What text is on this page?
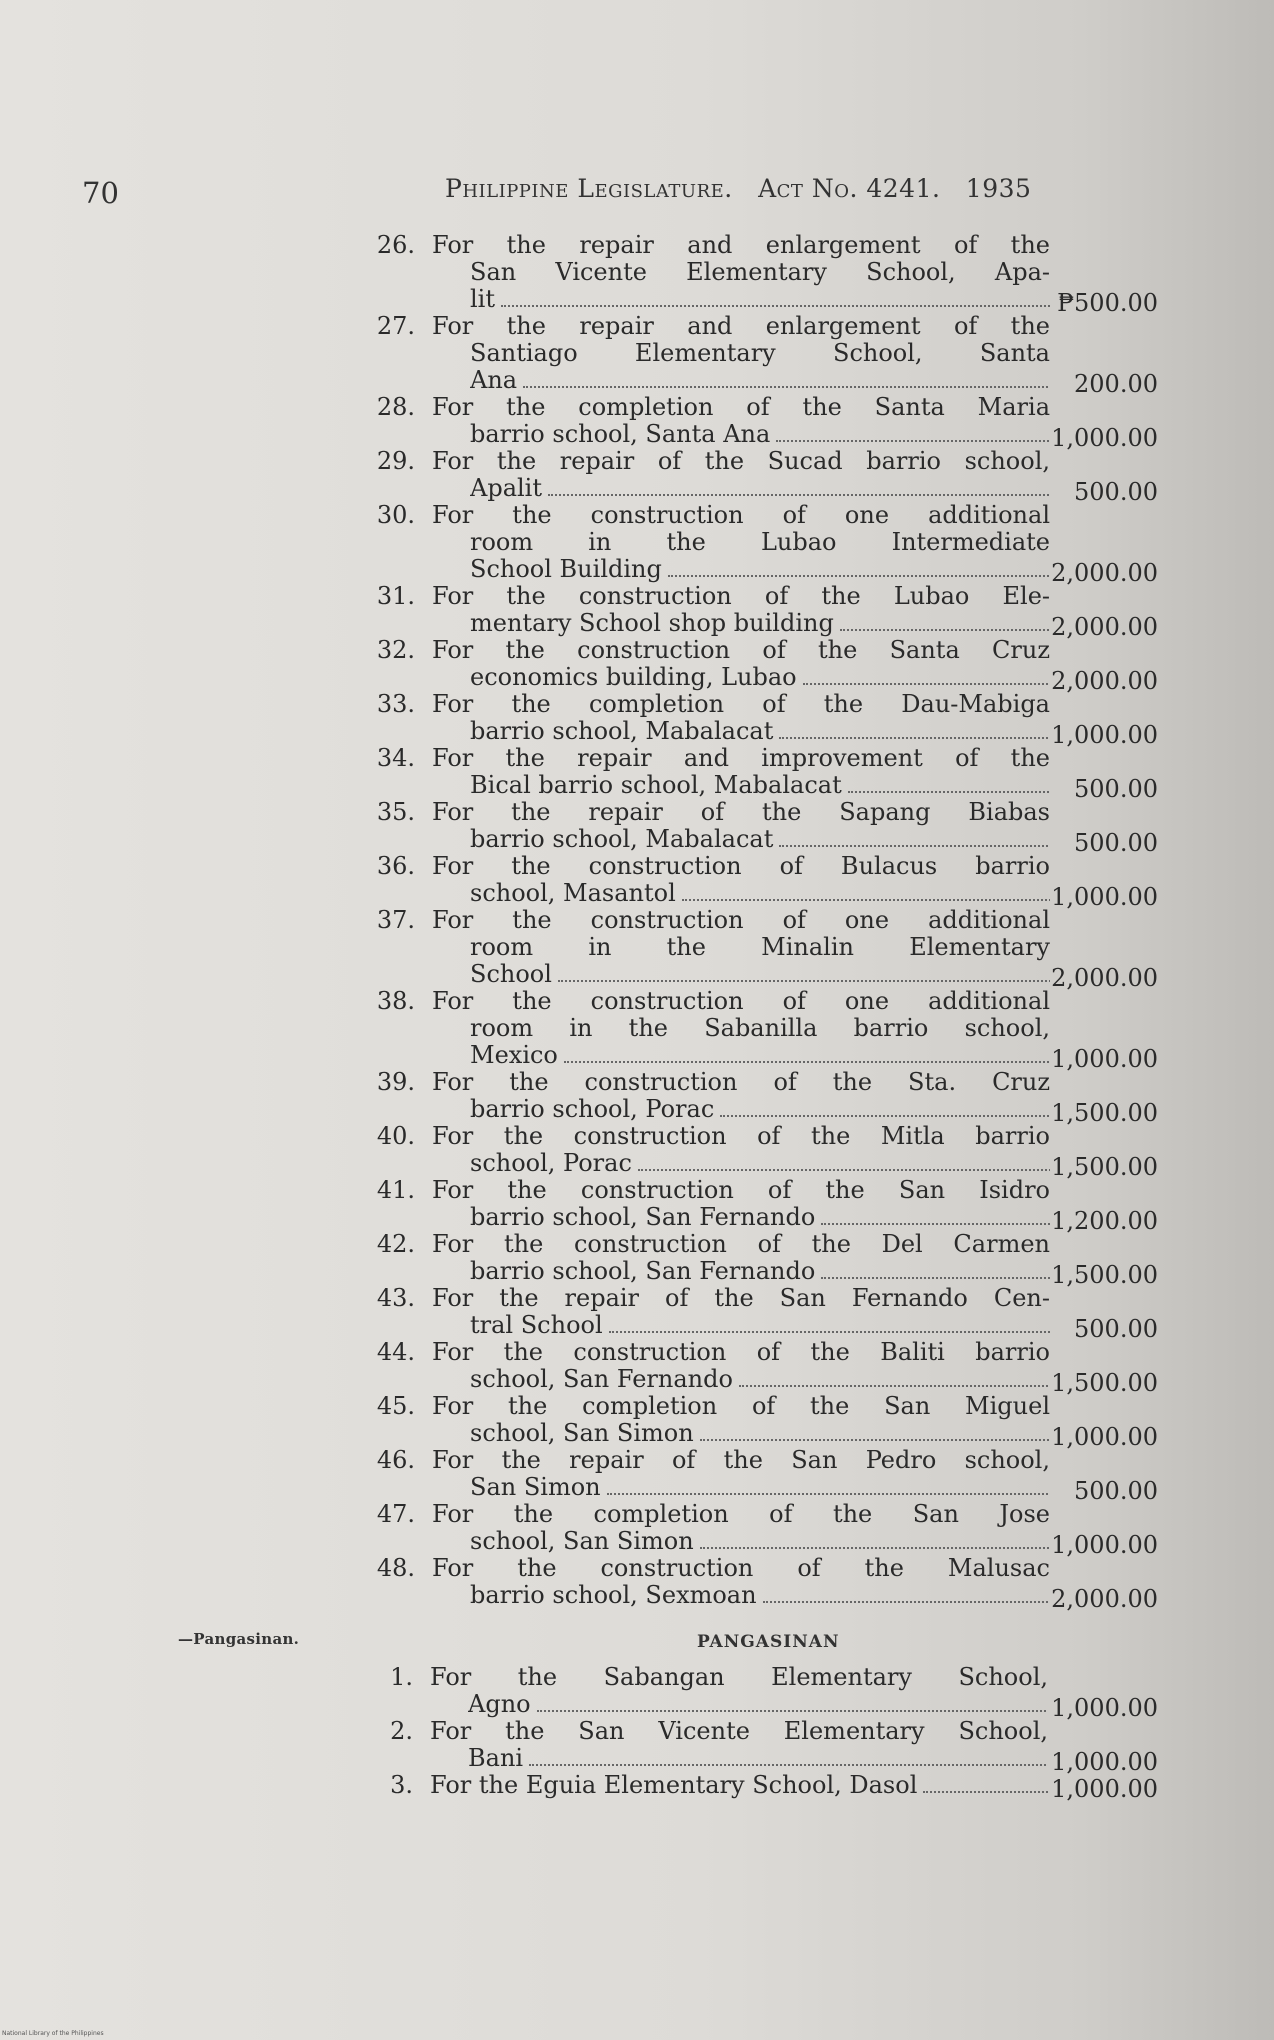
70	Philippine Legislature. Act No. 4241. 1935
26. For the repair and enlargement of the
San Vicente Elementary School, Apa-
lit	₱500.00
27. For the repair and enlargement of the
Santiago Elementary School, Santa
Ana	200.00
28. For the completion of the Santa Maria
barrio school, Santa Ana	1,000.00
29. For the repair of the Sucad barrio school,
Apalit	500.00
30. For the construction of one additional
room in the Lubao Intermediate
School Building	2,000.00
31. For the construction of the Lubao Ele-
mentary School shop building	2,000.00
32. For the construction of the Santa Cruz
economics building, Lubao	2,000.00
33. For the completion of the Dau-Mabiga
barrio school, Mabalacat	1,000.00
34. For the repair and improvement of the
Bical barrio school, Mabalacat	500.00
35. For the repair of the Sapang Biabas
barrio school, Mabalacat	500.00
36. For the construction of Bulacus barrio
school, Masantol	1,000.00
37. For the construction of one additional
room in the Minalin Elementary
School	2,000.00
38. For the construction of one additional
room in the Sabanilla barrio school,
Mexico	1,000.00
39. For the construction of the Sta. Cruz
barrio school, Porac	1,500.00
40. For the construction of the Mitla barrio
school, Porac	1,500.00
41. For the construction of the San Isidro
barrio school, San Fernando	1,200.00
42. For the construction of the Del Carmen
barrio school, San Fernando	1,500.00
43. For the repair of the San Fernando Cen-
tral School	500.00
44. For the construction of the Baliti barrio
school, San Fernando	1,500.00
45. For the completion of the San Miguel
school, San Simon	1,000.00
46. For the repair of the San Pedro school,
San Simon	500.00
47. For the completion of the San Jose
school, San Simon	1,000.00
48. For the construction of the Malusac
barrio school, Sexmoan	2,000.00
1. For the Sabangan Elementary School,
Agno	1,000.00
2. For the San Vicente Elementary School,
Bani	1,000.00
3. For the Eguia Elementary School, Dasol	1,000.00
—Pangasinan.	PANGASINAN
National Library of the Philippines
